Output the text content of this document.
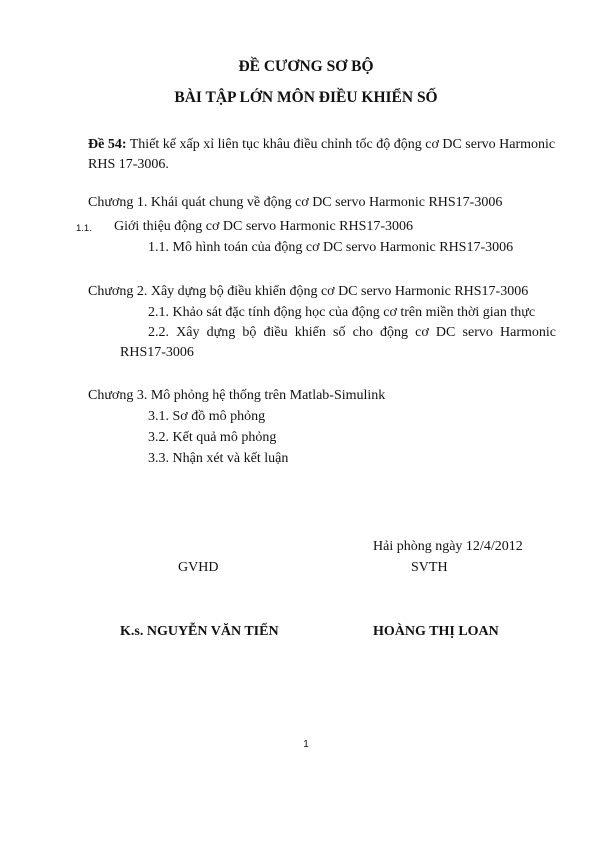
ĐỀ CƯƠNG SƠ BỘ
BÀI TẬP LỚN MÔN ĐIỀU KHIỂN SỐ
Đề 54: Thiết kế xấp xỉ liên tục khâu điều chỉnh tốc độ động cơ DC servo Harmonic RHS 17-3006.
Chương 1. Khái quát chung về động cơ DC servo Harmonic RHS17-3006
1.1. Giới thiệu động cơ DC servo Harmonic RHS17-3006
1.1. Mô hình toán của động cơ DC servo Harmonic RHS17-3006
Chương 2. Xây dựng bộ điều khiển động cơ DC servo Harmonic RHS17-3006
2.1. Khảo sát đặc tính động học của động cơ trên miền thời gian thực
2.2. Xây dựng bộ điều khiển số cho động cơ DC servo Harmonic
RHS17-3006
Chương 3. Mô phỏng hệ thống trên Matlab-Simulink
3.1. Sơ đồ mô phỏng
3.2. Kết quả mô phỏng
3.3. Nhận xét và kết luận
Hải phòng ngày 12/4/2012
GVHD	SVTH
K.s. NGUYỄN VĂN TIẾN	HOÀNG THỊ LOAN
1
